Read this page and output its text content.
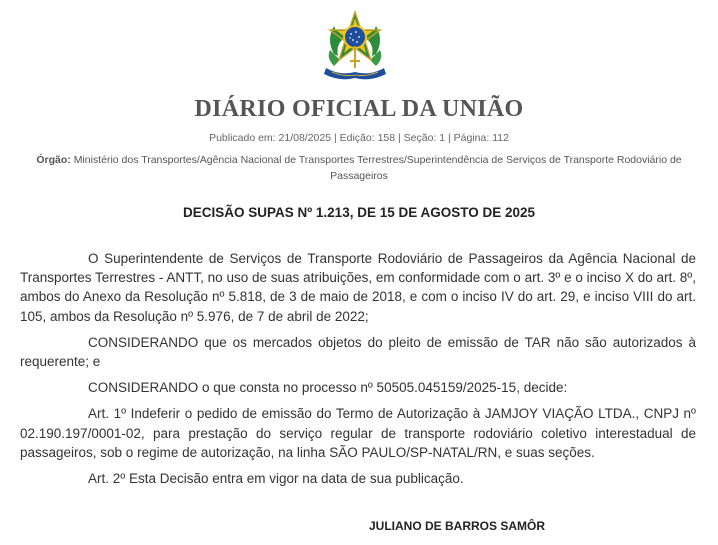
DIÁRIO OFICIAL DA UNIÃO
Publicado em: 21/08/2025 | Edição: 158 | Seção: 1 | Página: 112
Órgão: Ministério dos Transportes/Agência Nacional de Transportes Terrestres/Superintendência de Serviços de Transporte Rodoviário de Passageiros
DECISÃO SUPAS Nº 1.213, DE 15 DE AGOSTO DE 2025

O Superintendente de Serviços de Transporte Rodoviário de Passageiros da Agência Nacional de Transportes Terrestres - ANTT, no uso de suas atribuições, em conformidade com o art. 3º e o inciso X do art. 8º, ambos do Anexo da Resolução nº 5.818, de 3 de maio de 2018, e com o inciso IV do art. 29, e inciso VIII do art. 105, ambos da Resolução nº 5.976, de 7 de abril de 2022;

CONSIDERANDO que os mercados objetos do pleito de emissão de TAR não são autorizados à requerente; e

CONSIDERANDO o que consta no processo nº 50505.045159/2025-15, decide:

Art. 1º Indeferir o pedido de emissão do Termo de Autorização à JAMJOY VIAÇÃO LTDA., CNPJ nº 02.190.197/0001-02, para prestação do serviço regular de transporte rodoviário coletivo interestadual de passageiros, sob o regime de autorização, na linha SÃO PAULO/SP-NATAL/RN, e suas seções.

Art. 2º Esta Decisão entra em vigor na data de sua publicação.

JULIANO DE BARROS SAMÔR
